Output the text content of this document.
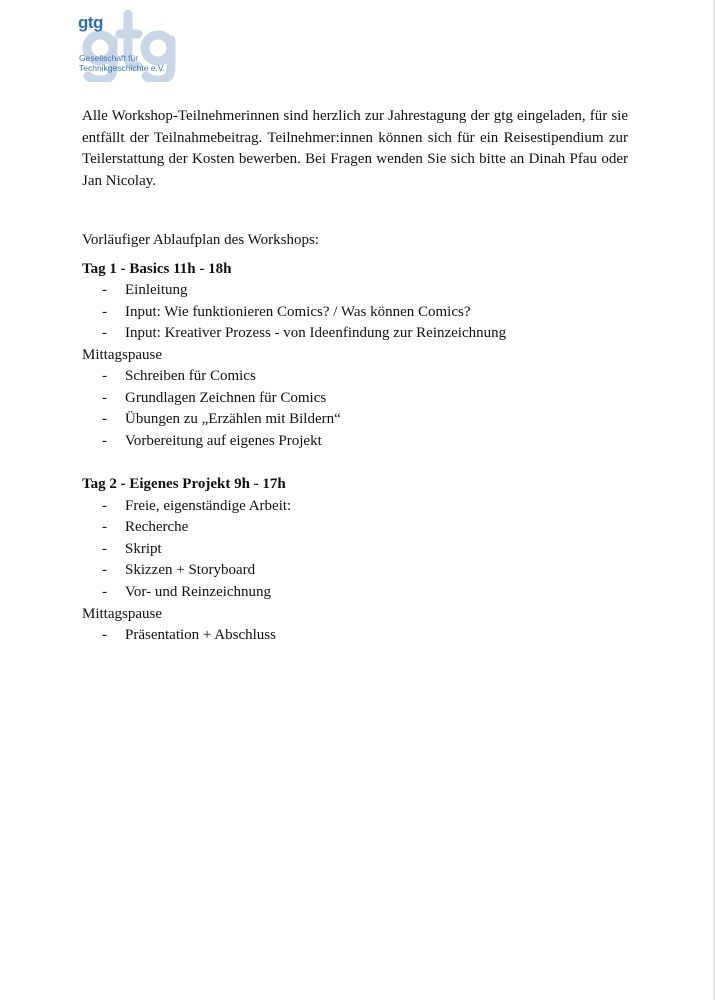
gtg
Gesellschaft für
Technikgeschichte e.V.

Alle Workshop-Teilnehmerinnen sind herzlich zur Jahrestagung der gtg eingeladen, für sie entfällt der Teilnahmebeitrag. Teilnehmer:innen können sich für ein Reisestipendium zur Teilerstattung der Kosten bewerben. Bei Fragen wenden Sie sich bitte an Dinah Pfau oder Jan Nicolay.

Vorläufiger Ablaufplan des Workshops:

Tag 1 - Basics 11h - 18h

-	Einleitung
-	Input: Wie funktionieren Comics? / Was können Comics?
-	Input: Kreativer Prozess - von Ideenfindung zur Reinzeichnung
Mittagspause
-	Schreiben für Comics
-	Grundlagen Zeichnen für Comics
-	Übungen zu „Erzählen mit Bildern“
-	Vorbereitung auf eigenes Projekt

Tag 2 - Eigenes Projekt 9h - 17h

-	Freie, eigenständige Arbeit:
-	Recherche
-	Skript
-	Skizzen + Storyboard
-	Vor- und Reinzeichnung
Mittagspause
-	Präsentation + Abschluss
